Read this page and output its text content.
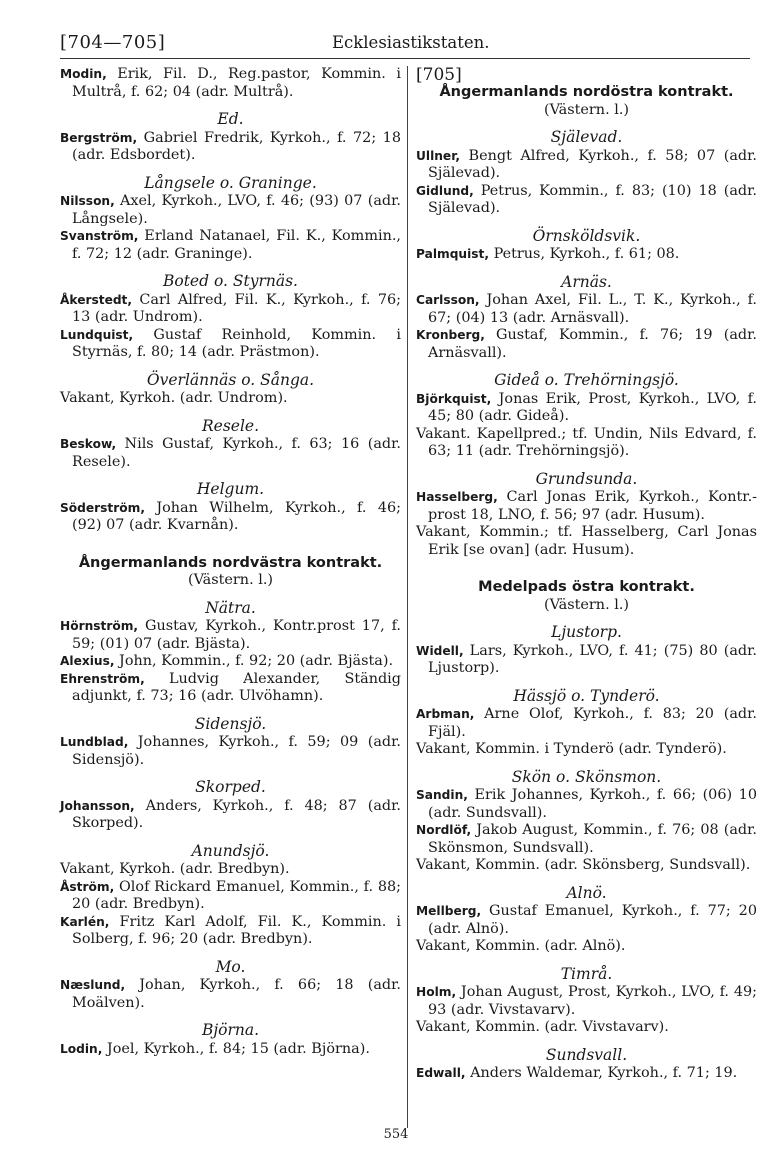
[704—705]	Ecklesiastikstaten.
Modin, Erik, Fil. D., Reg.pastor, Kommin. i Multrå, f. 62; 04 (adr. Multrå).
Ed.
Bergström, Gabriel Fredrik, Kyrkoh., f. 72; 18 (adr. Edsbordet).
Långsele o. Graninge.
Nilsson, Axel, Kyrkoh., LVO, f. 46; (93) 07 (adr. Långsele).
Svanström, Erland Natanael, Fil. K., Kommin., f. 72; 12 (adr. Graninge).
Boted o. Styrnäs.
Åkerstedt, Carl Alfred, Fil. K., Kyrkoh., f. 76; 13 (adr. Undrom).
Lundquist, Gustaf Reinhold, Kommin. i Styrnäs, f. 80; 14 (adr. Prästmon).
Överlännäs o. Sånga.
Vakant, Kyrkoh. (adr. Undrom).
Resele.
Beskow, Nils Gustaf, Kyrkoh., f. 63; 16 (adr. Resele).
Helgum.
Söderström, Johan Wilhelm, Kyrkoh., f. 46; (92) 07 (adr. Kvarnån).
Ångermanlands nordvästra kontrakt.
(Västern. l.)
Nätra.
Hörnström, Gustav, Kyrkoh., Kontr.prost 17, f. 59; (01) 07 (adr. Bjästa).
Alexius, John, Kommin., f. 92; 20 (adr. Bjästa).
Ehrenström, Ludvig Alexander, Ständig adjunkt, f. 73; 16 (adr. Ulvöhamn).
Sidensjö.
Lundblad, Johannes, Kyrkoh., f. 59; 09 (adr. Sidensjö).
Skorped.
Johansson, Anders, Kyrkoh., f. 48; 87 (adr. Skorped).
Anundsjö.
Vakant, Kyrkoh. (adr. Bredbyn).
Åström, Olof Rickard Emanuel, Kommin., f. 88; 20 (adr. Bredbyn).
Karlén, Fritz Karl Adolf, Fil. K., Kommin. i Solberg, f. 96; 20 (adr. Bredbyn).
Mo.
Næslund, Johan, Kyrkoh., f. 66; 18 (adr. Moälven).
Björna.
Lodin, Joel, Kyrkoh., f. 84; 15 (adr. Björna).
[705]
Ångermanlands nordöstra kontrakt.
(Västern. l.)
Själevad.
Ullner, Bengt Alfred, Kyrkoh., f. 58; 07 (adr. Själevad).
Gidlund, Petrus, Kommin., f. 83; (10) 18 (adr. Själevad).
Örnsköldsvik.
Palmquist, Petrus, Kyrkoh., f. 61; 08.
Arnäs.
Carlsson, Johan Axel, Fil. L., T. K., Kyrkoh., f. 67; (04) 13 (adr. Arnäsvall).
Kronberg, Gustaf, Kommin., f. 76; 19 (adr. Arnäsvall).
Gideå o. Trehörningsjö.
Björkquist, Jonas Erik, Prost, Kyrkoh., LVO, f. 45; 80 (adr. Gideå).
Vakant. Kapellpred.; tf. Undin, Nils Edvard, f. 63; 11 (adr. Trehörningsjö).
Grundsunda.
Hasselberg, Carl Jonas Erik, Kyrkoh., Kontr.-prost 18, LNO, f. 56; 97 (adr. Husum).
Vakant, Kommin.; tf. Hasselberg, Carl Jonas Erik [se ovan] (adr. Husum).
Medelpads östra kontrakt.
(Västern. l.)
Ljustorp.
Widell, Lars, Kyrkoh., LVO, f. 41; (75) 80 (adr. Ljustorp).
Hässjö o. Tynderö.
Arbman, Arne Olof, Kyrkoh., f. 83; 20 (adr. Fjäl).
Vakant, Kommin. i Tynderö (adr. Tynderö).
Skön o. Skönsmon.
Sandin, Erik Johannes, Kyrkoh., f. 66; (06) 10 (adr. Sundsvall).
Nordlöf, Jakob August, Kommin., f. 76; 08 (adr. Skönsmon, Sundsvall).
Vakant, Kommin. (adr. Skönsberg, Sundsvall).
Alnö.
Mellberg, Gustaf Emanuel, Kyrkoh., f. 77; 20 (adr. Alnö).
Vakant, Kommin. (adr. Alnö).
Timrå.
Holm, Johan August, Prost, Kyrkoh., LVO, f. 49; 93 (adr. Vivstavarv).
Vakant, Kommin. (adr. Vivstavarv).
Sundsvall.
Edwall, Anders Waldemar, Kyrkoh., f. 71; 19.
554
